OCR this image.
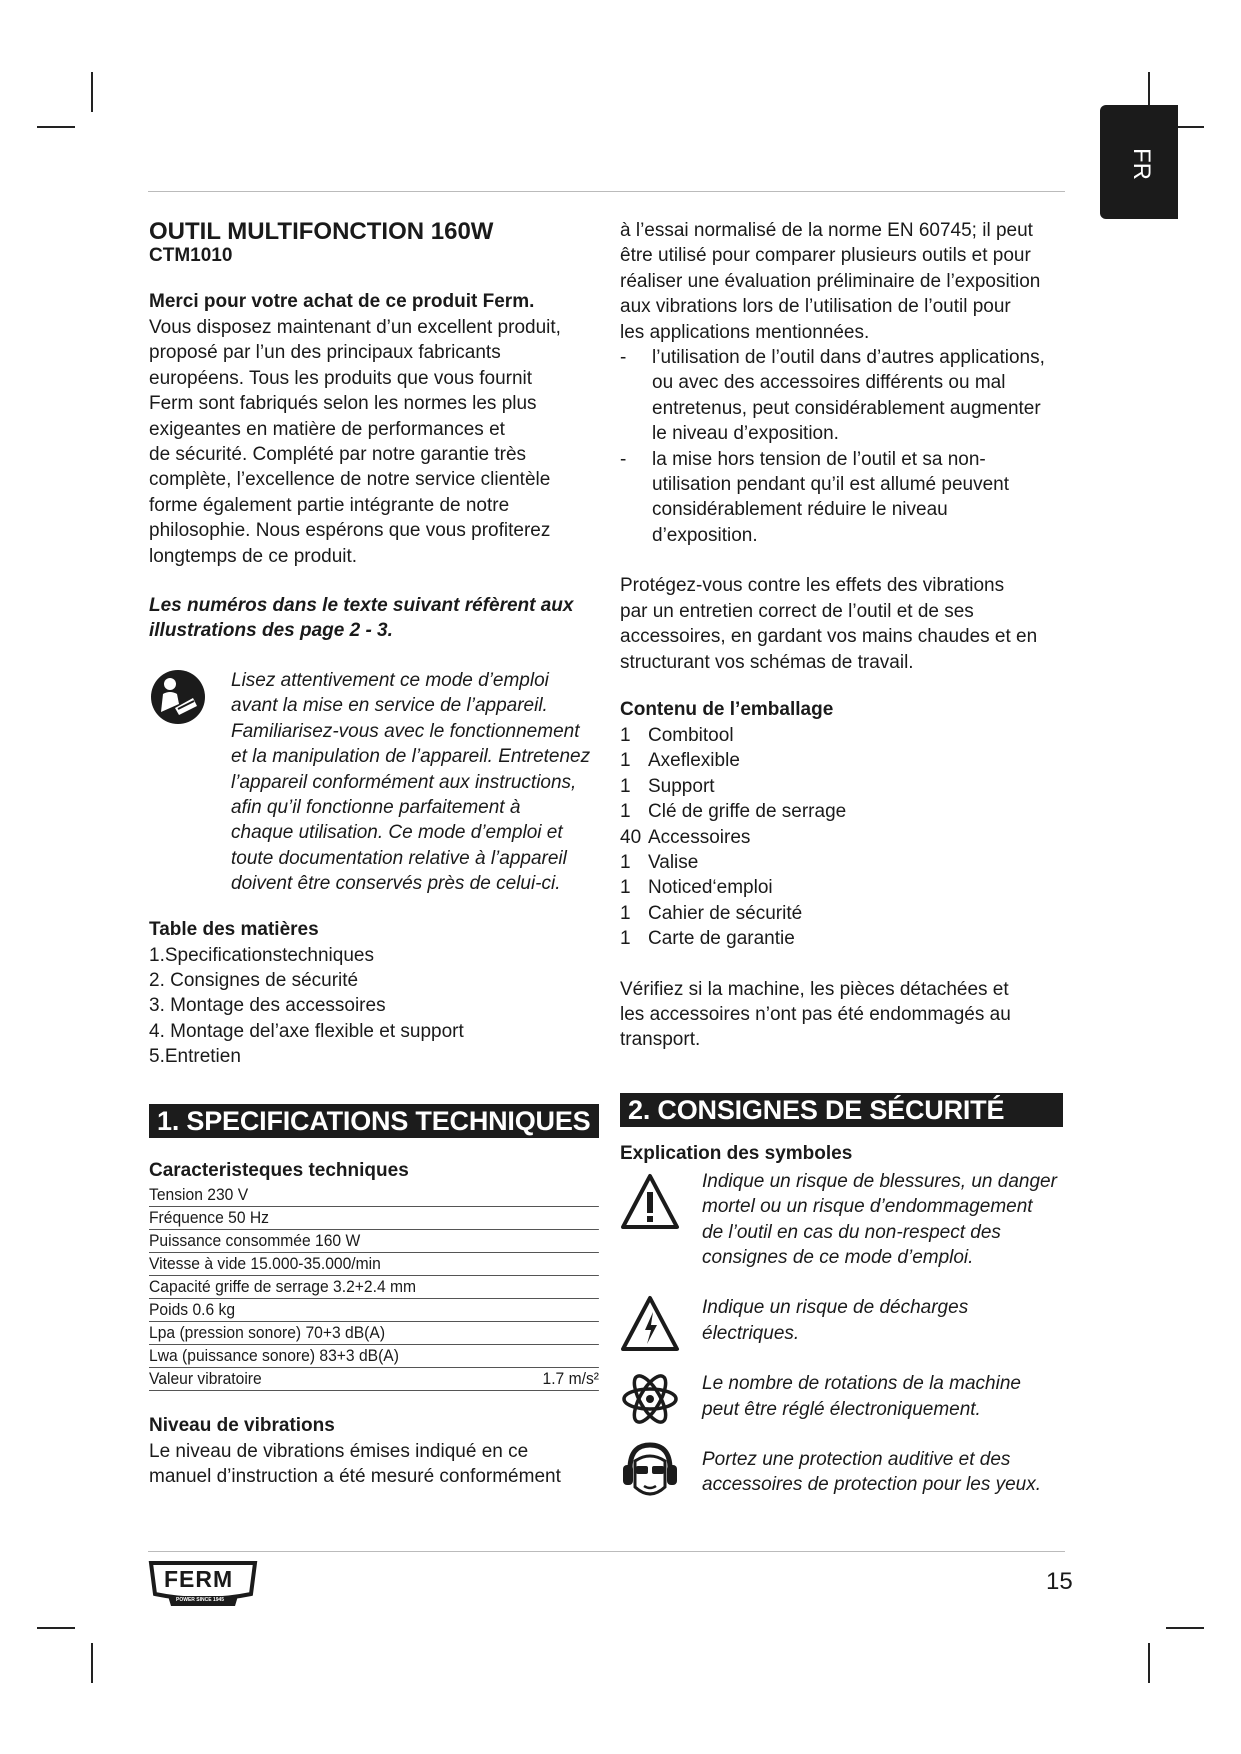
FR
OUTIL MULTIFONCTION 160W
CTM1010
Merci pour votre achat de ce produit Ferm.
Vous disposez maintenant d’un excellent produit,
proposé par l’un des principaux fabricants
européens. Tous les produits que vous fournit
Ferm sont fabriqués selon les normes les plus
exigeantes en matière de performances et
de sécurité. Complété par notre garantie très
complète, l’excellence de notre service clientèle
forme également partie intégrante de notre
philosophie. Nous espérons que vous profiterez
longtemps de ce produit.
Les numéros dans le texte suivant réfèrent aux
illustrations des page 2 - 3.
Lisez attentivement ce mode d’emploi
avant la mise en service de l’appareil.
Familiarisez-vous avec le fonctionnement
et la manipulation de l’appareil. Entretenez
l’appareil conformément aux instructions,
afin qu’il fonctionne parfaitement à
chaque utilisation. Ce mode d’emploi et
toute documentation relative à l’appareil
doivent être conservés près de celui-ci.
Table des matières
1.Specificationstechniques
2. Consignes de sécurité
3. Montage des accessoires
4. Montage del’axe flexible et support
5.Entretien
1. SPECIFICATIONS TECHNIQUES
Caracteristeques techniques
Tension 230 V
Fréquence 50 Hz
Puissance consommée 160 W
Vitesse à vide 15.000-35.000/min
Capacité griffe de serrage 3.2+2.4 mm
Poids 0.6 kg
Lpa (pression sonore) 70+3 dB(A)
Lwa (puissance sonore) 83+3 dB(A)
Valeur vibratoire	1.7 m/s²
Niveau de vibrations
Le niveau de vibrations émises indiqué en ce
manuel d’instruction a été mesuré conformément
à l’essai normalisé de la norme EN 60745; il peut
être utilisé pour comparer plusieurs outils et pour
réaliser une évaluation préliminaire de l’exposition
aux vibrations lors de l’utilisation de l’outil pour
les applications mentionnées.
- l’utilisation de l’outil dans d’autres applications,
ou avec des accessoires différents ou mal
entretenus, peut considérablement augmenter
le niveau d’exposition.
- la mise hors tension de l’outil et sa non-
utilisation pendant qu’il est allumé peuvent
considérablement réduire le niveau
d’exposition.
Protégez-vous contre les effets des vibrations
par un entretien correct de l’outil et de ses
accessoires, en gardant vos mains chaudes et en
structurant vos schémas de travail.
Contenu de l’emballage
1 Combitool
1 Axeflexible
1 Support
1 Clé de griffe de serrage
40 Accessoires
1 Valise
1 Noticed‘emploi
1 Cahier de sécurité
1 Carte de garantie
Vérifiez si la machine, les pièces détachées et
les accessoires n’ont pas été endommagés au
transport.
2. CONSIGNES DE SÉCURITÉ
Explication des symboles
Indique un risque de blessures, un danger
mortel ou un risque d’endommagement
de l’outil en cas du non-respect des
consignes de ce mode d’emploi.
Indique un risque de décharges
électriques.
Le nombre de rotations de la machine
peut être réglé électroniquement.
Portez une protection auditive et des
accessoires de protection pour les yeux.
FERM
POWER SINCE 1945
15
